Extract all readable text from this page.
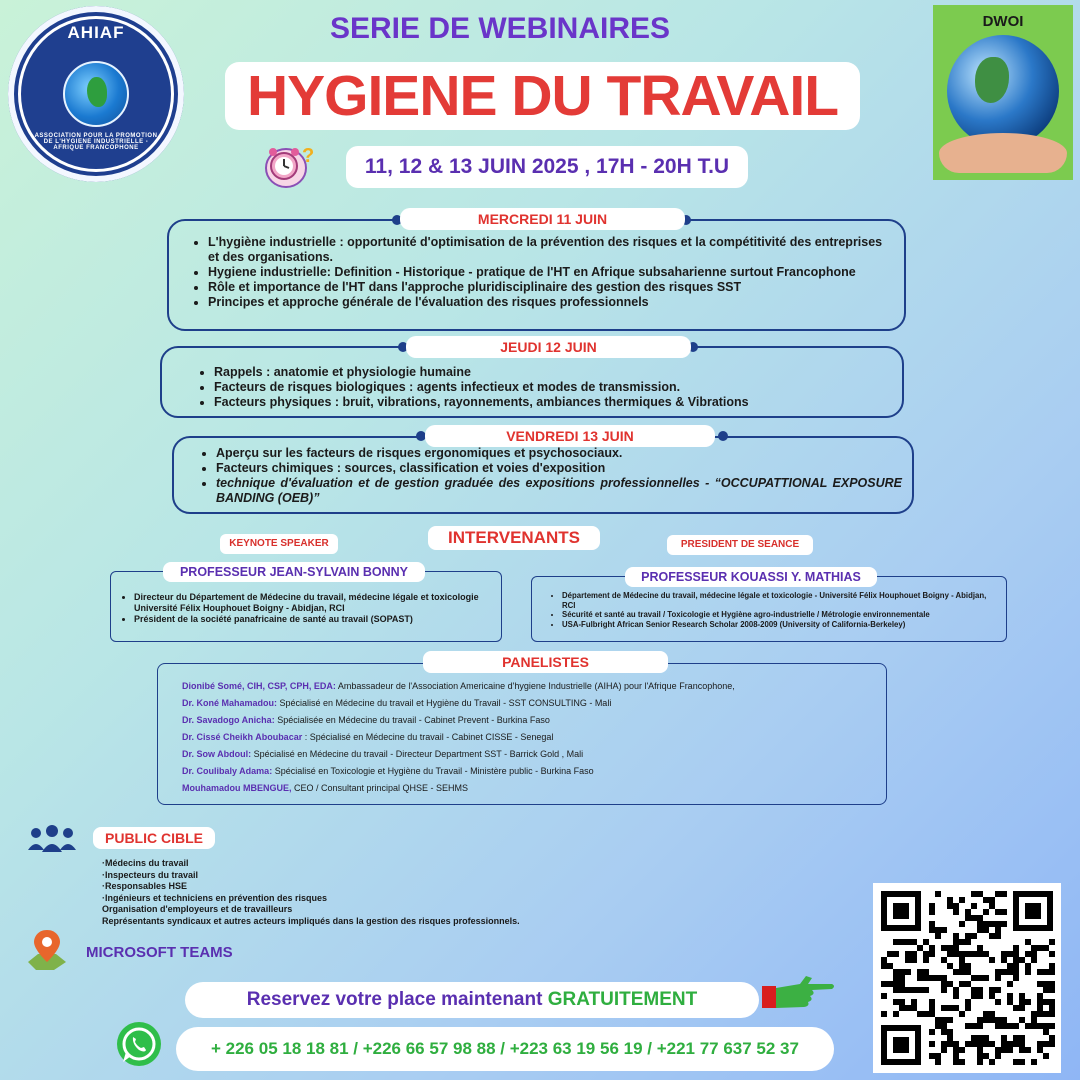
AHIAF
ASSOCIATION POUR LA PROMOTION DE L'HYGIENE INDUSTRIELLE - AFRIQUE FRANCOPHONE
DWOI
SERIE DE WEBINAIRES
HYGIENE DU TRAVAIL
? 11, 12 & 13 JUIN 2025 , 17H - 20H T.U
MERCREDI 11 JUIN
• L'hygiène industrielle : opportunité d'optimisation de la prévention des risques et la compétitivité des entreprises et des organisations.
• Hygiene industrielle: Definition - Historique - pratique de l'HT en Afrique subsaharienne surtout Francophone
• Rôle et importance de l'HT dans l'approche pluridisciplinaire des gestion des risques SST
• Principes et approche générale de l'évaluation des risques professionnels
JEUDI 12 JUIN
• Rappels : anatomie et physiologie humaine
• Facteurs de risques biologiques : agents infectieux et modes de transmission.
• Facteurs physiques : bruit, vibrations, rayonnements, ambiances thermiques & Vibrations
VENDREDI 13 JUIN
• Aperçu sur les facteurs de risques ergonomiques et psychosociaux.
• Facteurs chimiques : sources, classification et voies d'exposition
• technique d'évaluation et de gestion graduée des expositions professionnelles - “OCCUPATTIONAL EXPOSURE BANDING (OEB)”
INTERVENANTS
KEYNOTE SPEAKER	PRESIDENT DE SEANCE
PROFESSEUR JEAN-SYLVAIN BONNY
• Directeur du Département de Médecine du travail, médecine légale et toxicologie Université Félix Houphouet Boigny - Abidjan, RCI
• Président de la société panafricaine de santé au travail (SOPAST)
PROFESSEUR KOUASSI Y. MATHIAS
• Département de Médecine du travail, médecine légale et toxicologie - Université Félix Houphouet Boigny - Abidjan, RCI
• Sécurité et santé au travail / Toxicologie et Hygiène agro-industrielle / Métrologie environnementale
• USA-Fulbright African Senior Research Scholar 2008-2009 (University of California-Berkeley)
PANELISTES
Dionibé Somé, CIH, CSP, CPH, EDA: Ambassadeur de l'Association Americaine d'hygiene Industrielle (AIHA) pour l'Afrique Francophone,
Dr. Koné Mahamadou: Spécialisé en Médecine du travail et Hygiène du Travail - SST CONSULTING - Mali
Dr. Savadogo Anicha: Spécialisée en Médecine du travail - Cabinet Prevent - Burkina Faso
Dr. Cissé Cheikh Aboubacar : Spécialisé en Médecine du travail - Cabinet CISSE - Senegal
Dr. Sow Abdoul: Spécialisé en Médecine du travail - Directeur Department SST - Barrick Gold , Mali
Dr. Coulibaly Adama: Spécialisé en Toxicologie et Hygiène du Travail - Ministère public - Burkina Faso
Mouhamadou MBENGUE, CEO / Consultant principal QHSE - SEHMS
PUBLIC CIBLE
·Médecins du travail
·Inspecteurs du travail
·Responsables HSE
·Ingénieurs et techniciens en prévention des risques
Organisation d'employeurs et de travailleurs
Représentants syndicaux et autres acteurs impliqués dans la gestion des risques professionnels.
MICROSOFT TEAMS
Reservez votre place maintenant GRATUITEMENT
+ 226 05 18 18 81 / +226 66 57 98 88 / +223 63 19 56 19 / +221 77 637 52 37
